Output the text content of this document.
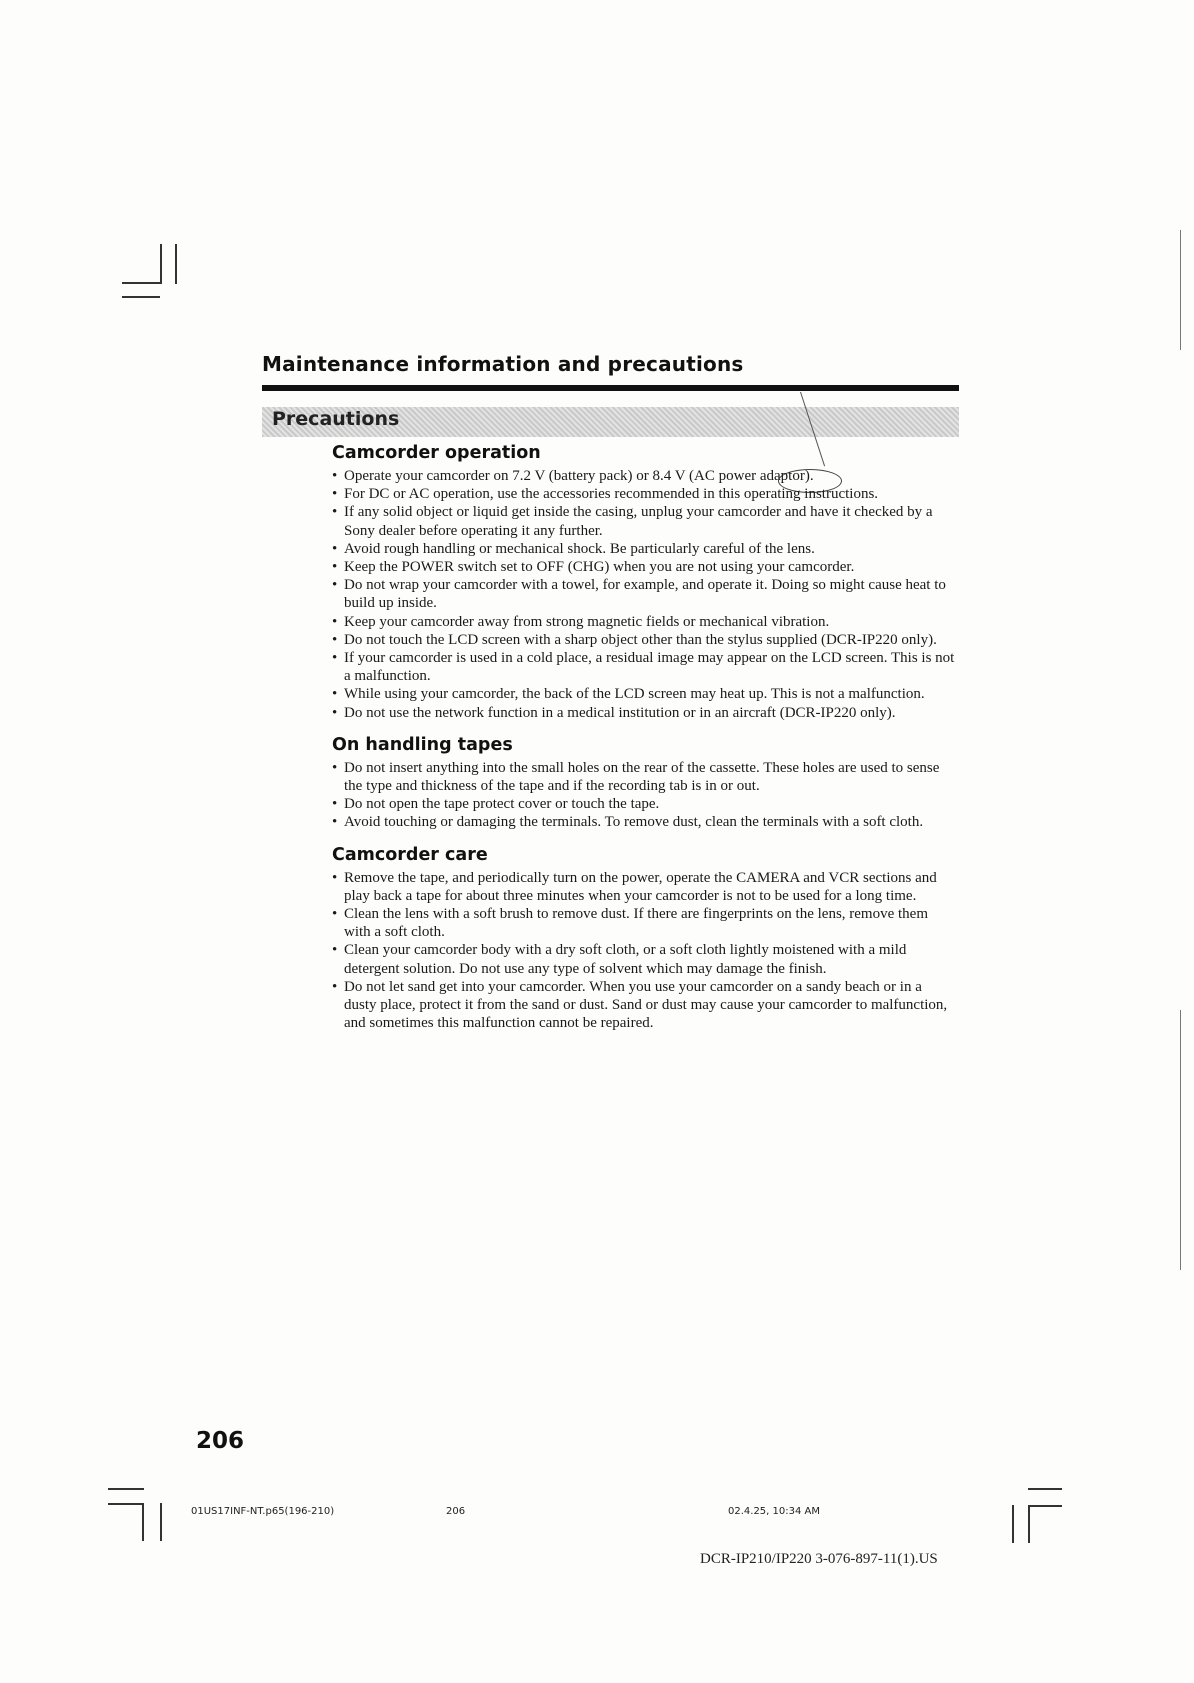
Maintenance information and precautions
Precautions
Camcorder operation
• Operate your camcorder on 7.2 V (battery pack) or 8.4 V (AC power adaptor).
• For DC or AC operation, use the accessories recommended in this operating instructions.
• If any solid object or liquid get inside the casing, unplug your camcorder and have it checked by a Sony dealer before operating it any further.
• Avoid rough handling or mechanical shock. Be particularly careful of the lens.
• Keep the POWER switch set to OFF (CHG) when you are not using your camcorder.
• Do not wrap your camcorder with a towel, for example, and operate it. Doing so might cause heat to build up inside.
• Keep your camcorder away from strong magnetic fields or mechanical vibration.
• Do not touch the LCD screen with a sharp object other than the stylus supplied (DCR-IP220 only).
• If your camcorder is used in a cold place, a residual image may appear on the LCD screen. This is not a malfunction.
• While using your camcorder, the back of the LCD screen may heat up. This is not a malfunction.
• Do not use the network function in a medical institution or in an aircraft (DCR-IP220 only).
On handling tapes
• Do not insert anything into the small holes on the rear of the cassette. These holes are used to sense the type and thickness of the tape and if the recording tab is in or out.
• Do not open the tape protect cover or touch the tape.
• Avoid touching or damaging the terminals. To remove dust, clean the terminals with a soft cloth.
Camcorder care
• Remove the tape, and periodically turn on the power, operate the CAMERA and VCR sections and play back a tape for about three minutes when your camcorder is not to be used for a long time.
• Clean the lens with a soft brush to remove dust. If there are fingerprints on the lens, remove them with a soft cloth.
• Clean your camcorder body with a dry soft cloth, or a soft cloth lightly moistened with a mild detergent solution. Do not use any type of solvent which may damage the finish.
• Do not let sand get into your camcorder. When you use your camcorder on a sandy beach or in a dusty place, protect it from the sand or dust. Sand or dust may cause your camcorder to malfunction, and sometimes this malfunction cannot be repaired.
206
01US17INF-NT.p65(196-210)	206	02.4.25, 10:34 AM
DCR-IP210/IP220 3-076-897-11(1).US
